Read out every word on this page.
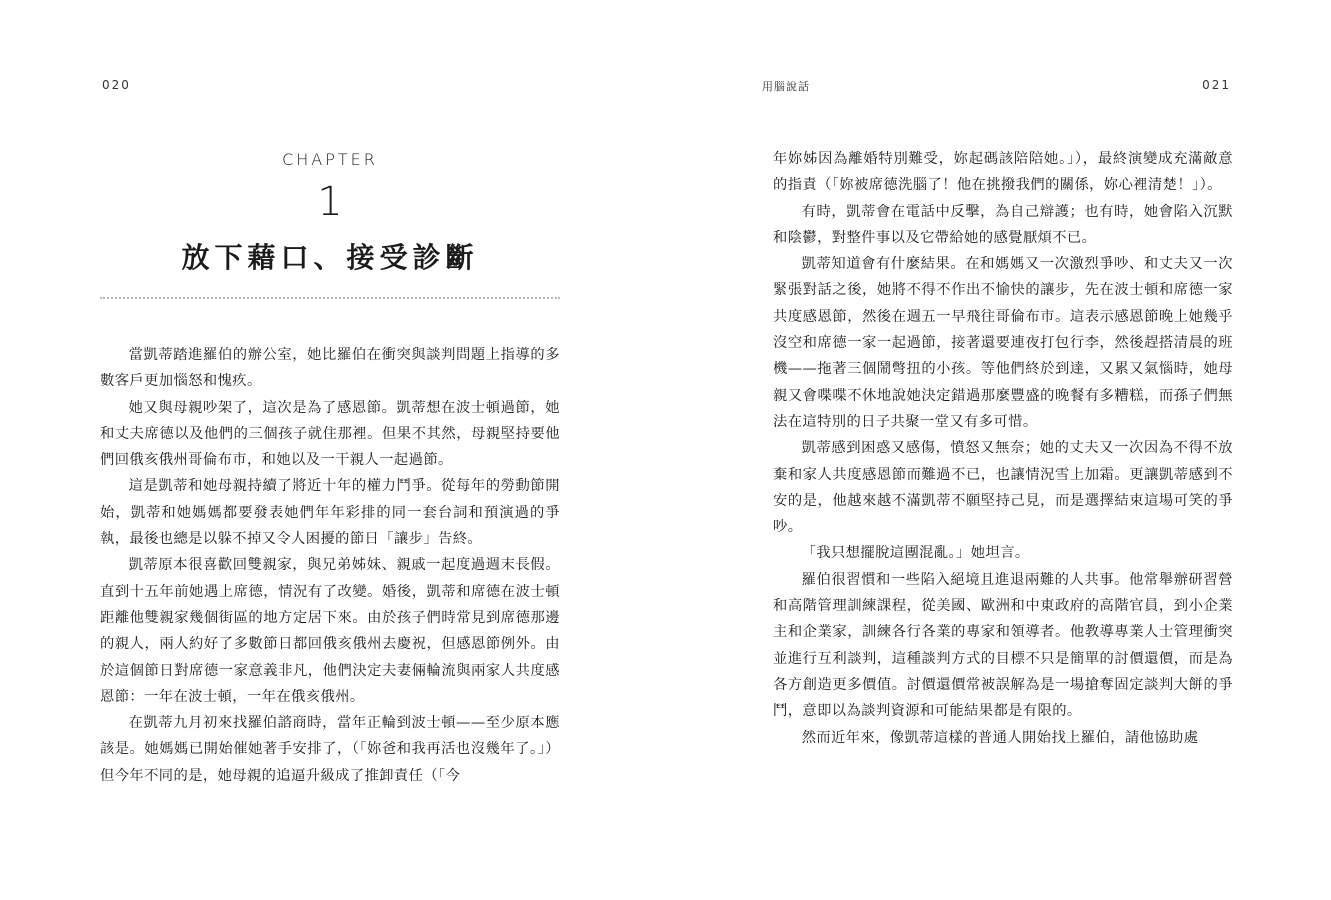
020
CHAPTER
1
放下藉口、接受診斷

當凱蒂踏進羅伯的辦公室，她比羅伯在衝突與談判問題上指導的多數客戶更加惱怒和愧疚。

她又與母親吵架了，這次是為了感恩節。凱蒂想在波士頓過節，她和丈夫席德以及他們的三個孩子就住那裡。但果不其然，母親堅持要他們回俄亥俄州哥倫布市，和她以及一干親人一起過節。

這是凱蒂和她母親持續了將近十年的權力鬥爭。從每年的勞動節開始，凱蒂和她媽媽都要發表她們年年彩排的同一套台詞和預演過的爭執，最後也總是以躲不掉又令人困擾的節日「讓步」告終。

凱蒂原本很喜歡回雙親家，與兄弟姊妹、親戚一起度過週末長假。直到十五年前她遇上席德，情況有了改變。婚後，凱蒂和席德在波士頓距離他雙親家幾個街區的地方定居下來。由於孩子們時常見到席德那邊的親人，兩人約好了多數節日都回俄亥俄州去慶祝，但感恩節例外。由於這個節日對席德一家意義非凡，他們決定夫妻倆輪流與兩家人共度感恩節：一年在波士頓，一年在俄亥俄州。

在凱蒂九月初來找羅伯諮商時，當年正輪到波士頓——至少原本應該是。她媽媽已開始催她著手安排了，（「妳爸和我再活也沒幾年了。」）但今年不同的是，她母親的追逼升級成了推卸責任（「今

用腦說話	021

年妳姊因為離婚特別難受，妳起碼該陪陪她。」），最終演變成充滿敵意的指責（「妳被席德洗腦了！他在挑撥我們的關係，妳心裡清楚！」）。

有時，凱蒂會在電話中反擊，為自己辯護；也有時，她會陷入沉默和陰鬱，對整件事以及它帶給她的感覺厭煩不已。

凱蒂知道會有什麼結果。在和媽媽又一次激烈爭吵、和丈夫又一次緊張對話之後，她將不得不作出不愉快的讓步，先在波士頓和席德一家共度感恩節，然後在週五一早飛往哥倫布市。這表示感恩節晚上她幾乎沒空和席德一家一起過節，接著還要連夜打包行李，然後趕搭清晨的班機——拖著三個鬧彆扭的小孩。等他們終於到達，又累又氣惱時，她母親又會喋喋不休地說她決定錯過那麼豐盛的晚餐有多糟糕，而孫子們無法在這特別的日子共聚一堂又有多可惜。

凱蒂感到困惑又感傷，憤怒又無奈；她的丈夫又一次因為不得不放棄和家人共度感恩節而難過不已，也讓情況雪上加霜。更讓凱蒂感到不安的是，他越來越不滿凱蒂不願堅持己見，而是選擇結束這場可笑的爭吵。

「我只想擺脫這團混亂。」她坦言。

羅伯很習慣和一些陷入絕境且進退兩難的人共事。他常舉辦研習營和高階管理訓練課程，從美國、歐洲和中東政府的高階官員，到小企業主和企業家，訓練各行各業的專家和領導者。他教導專業人士管理衝突並進行互利談判，這種談判方式的目標不只是簡單的討價還價，而是為各方創造更多價值。討價還價常被誤解為是一場搶奪固定談判大餅的爭鬥，意即以為談判資源和可能結果都是有限的。

然而近年來，像凱蒂這樣的普通人開始找上羅伯，請他協助處
